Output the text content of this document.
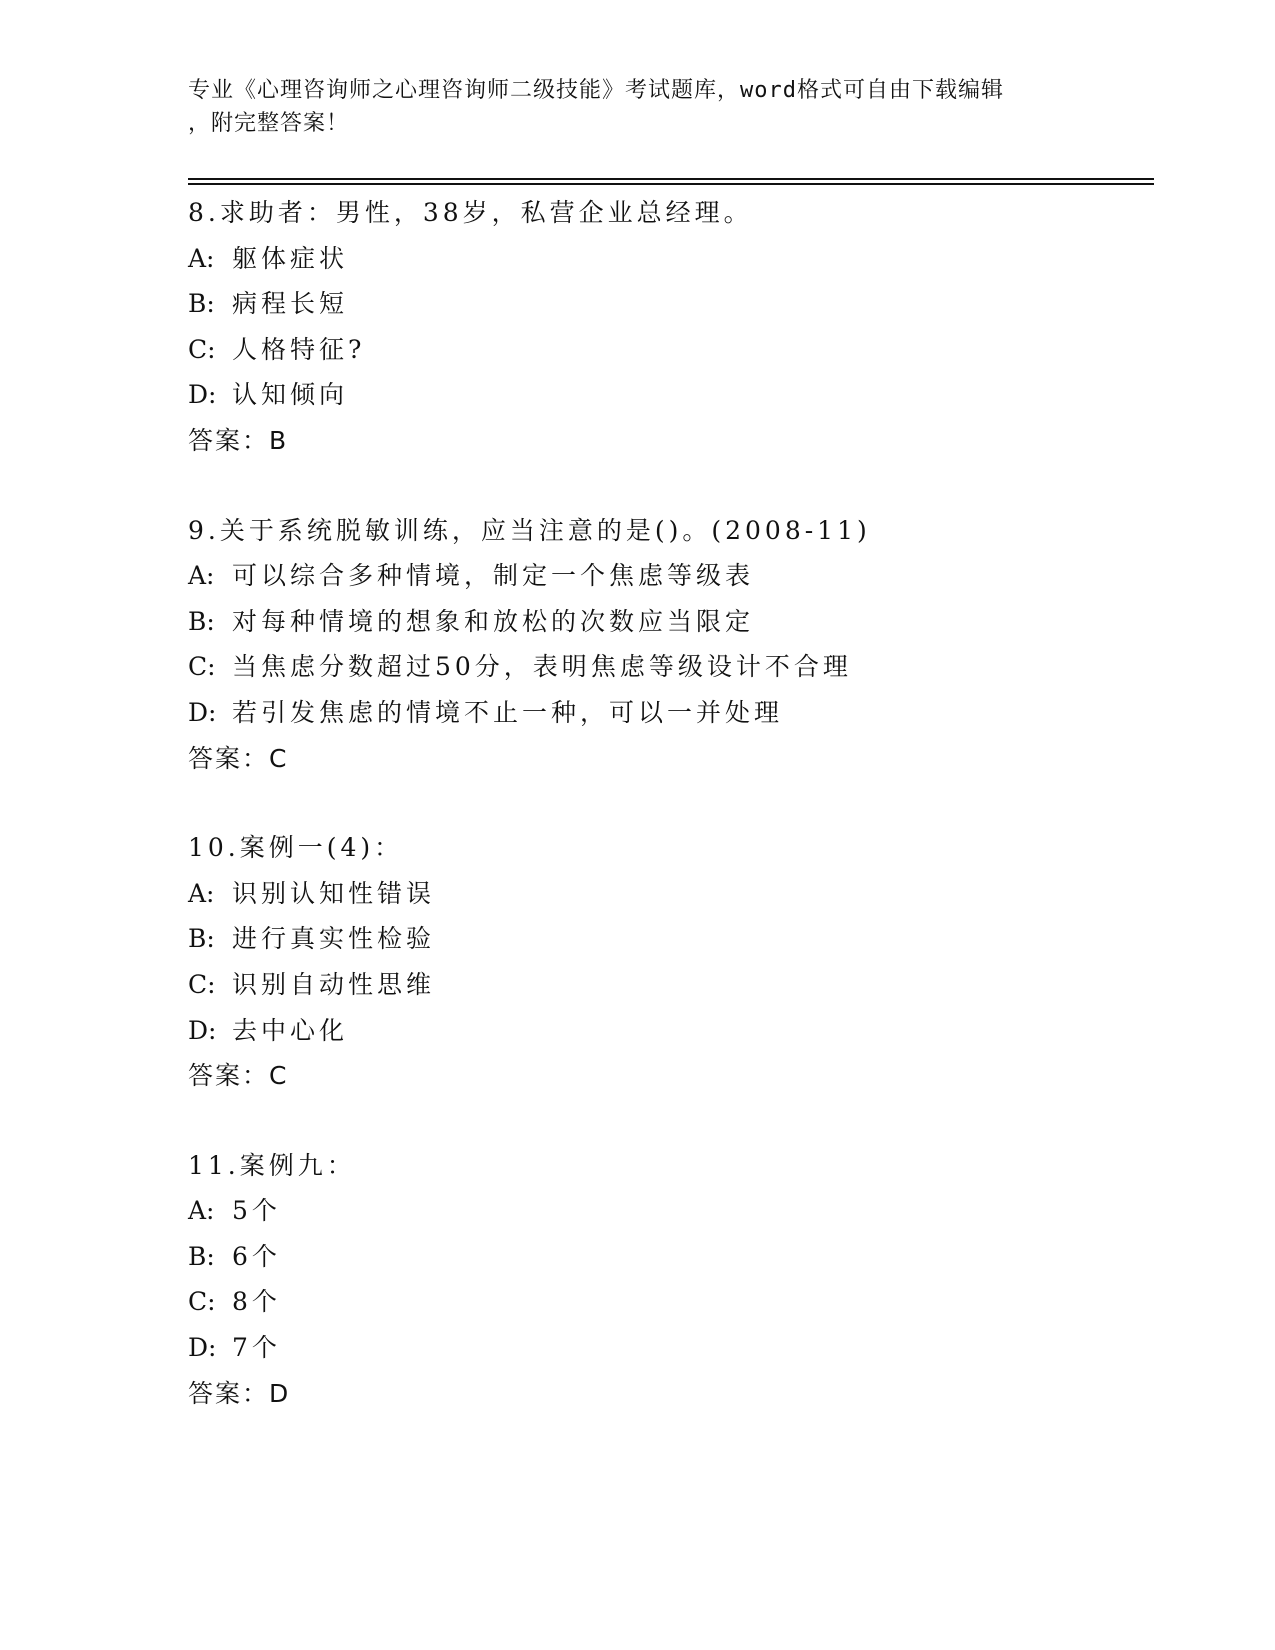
专业《心理咨询师之心理咨询师二级技能》考试题库，word格式可自由下载编辑
，附完整答案！
8.求助者：男性，38岁，私营企业总经理。
A: 躯体症状
B: 病程长短
C: 人格特征?
D: 认知倾向
答案：B
9.关于系统脱敏训练，应当注意的是()。(2008-11)
A: 可以综合多种情境，制定一个焦虑等级表
B: 对每种情境的想象和放松的次数应当限定
C: 当焦虑分数超过50分，表明焦虑等级设计不合理
D: 若引发焦虑的情境不止一种，可以一并处理
答案：C
10.案例一(4)：
A: 识别认知性错误
B: 进行真实性检验
C: 识别自动性思维
D: 去中心化
答案：C
11.案例九：
A: 5个
B: 6个
C: 8个
D: 7个
答案：D
